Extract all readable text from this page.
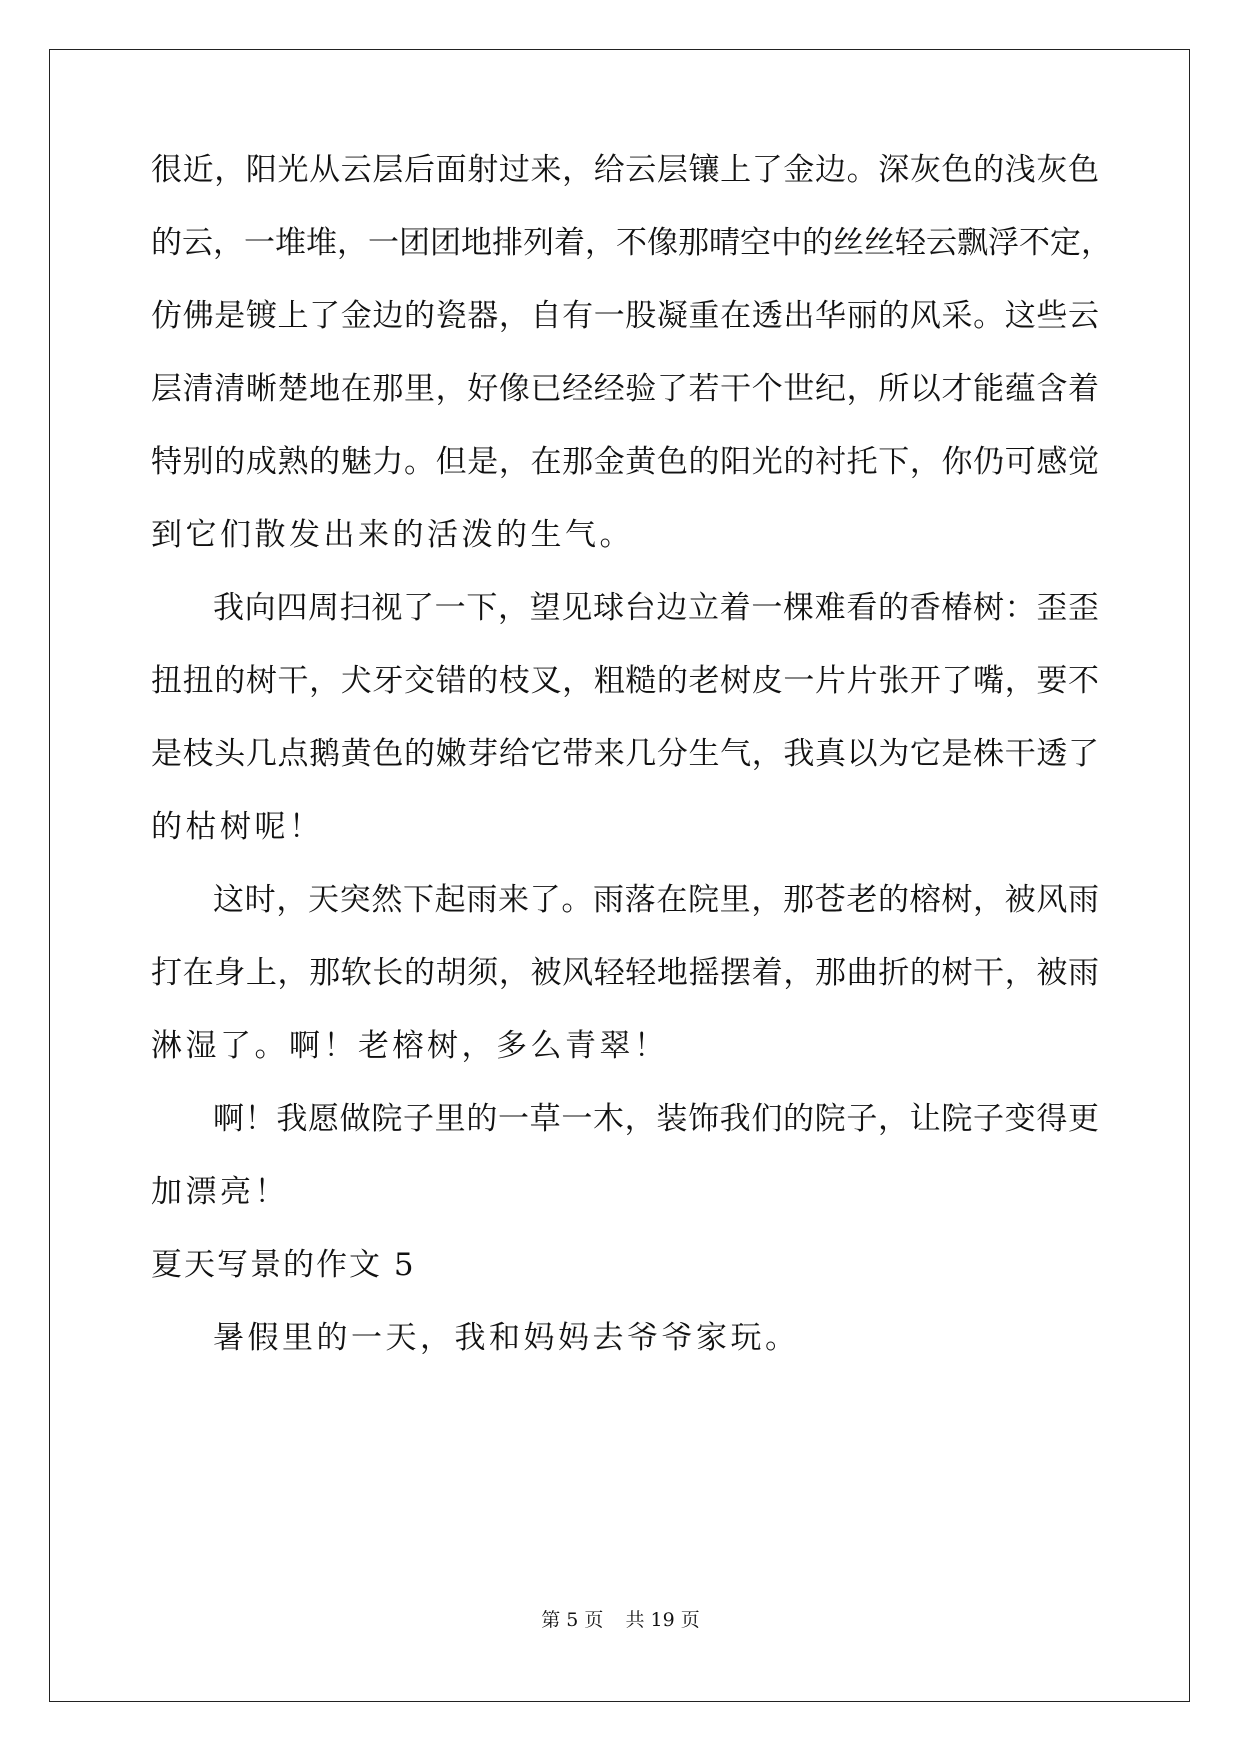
很近，阳光从云层后面射过来，给云层镶上了金边。深灰色的浅灰色
的云，一堆堆，一团团地排列着，不像那晴空中的丝丝轻云飘浮不定，
仿佛是镀上了金边的瓷器，自有一股凝重在透出华丽的风采。这些云
层清清晰楚地在那里，好像已经经验了若干个世纪，所以才能蕴含着
特别的成熟的魅力。但是，在那金黄色的阳光的衬托下，你仍可感觉
到它们散发出来的活泼的生气。
我向四周扫视了一下，望见球台边立着一棵难看的香椿树：歪歪
扭扭的树干，犬牙交错的枝叉，粗糙的老树皮一片片张开了嘴，要不
是枝头几点鹅黄色的嫩芽给它带来几分生气，我真以为它是株干透了
的枯树呢！
这时，天突然下起雨来了。雨落在院里，那苍老的榕树，被风雨
打在身上，那软长的胡须，被风轻轻地摇摆着，那曲折的树干，被雨
淋湿了。啊！老榕树，多么青翠！
啊！我愿做院子里的一草一木，装饰我们的院子，让院子变得更
加漂亮！
夏天写景的作文 5
暑假里的一天，我和妈妈去爷爷家玩。
第 5 页 共 19 页
